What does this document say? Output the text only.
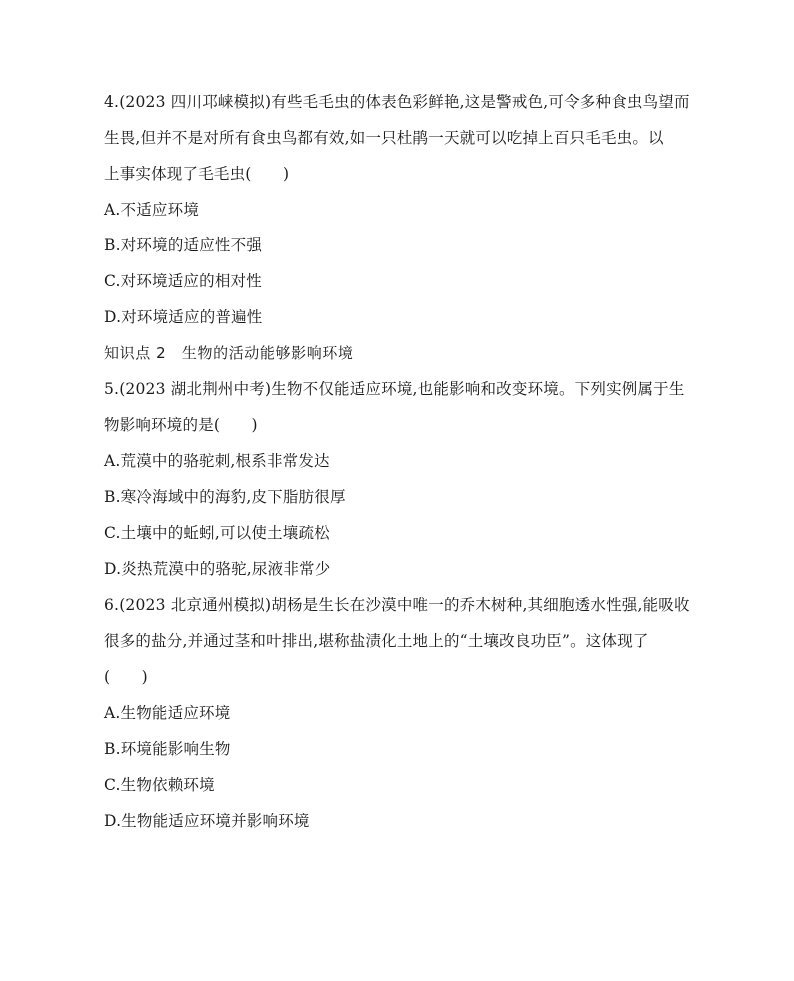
4.(2023 四川邛崃模拟)有些毛毛虫的体表色彩鲜艳,这是警戒色,可令多种食虫鸟望而
生畏,但并不是对所有食虫鸟都有效,如一只杜鹃一天就可以吃掉上百只毛毛虫。以
上事实体现了毛毛虫(　　)
A.不适应环境
B.对环境的适应性不强
C.对环境适应的相对性
D.对环境适应的普遍性
知识点 2　生物的活动能够影响环境
5.(2023 湖北荆州中考)生物不仅能适应环境,也能影响和改变环境。下列实例属于生
物影响环境的是(　　)
A.荒漠中的骆驼刺,根系非常发达
B.寒冷海域中的海豹,皮下脂肪很厚
C.土壤中的蚯蚓,可以使土壤疏松
D.炎热荒漠中的骆驼,尿液非常少
6.(2023 北京通州模拟)胡杨是生长在沙漠中唯一的乔木树种,其细胞透水性强,能吸收
很多的盐分,并通过茎和叶排出,堪称盐渍化土地上的“土壤改良功臣”。这体现了
(　　)
A.生物能适应环境
B.环境能影响生物
C.生物依赖环境
D.生物能适应环境并影响环境
